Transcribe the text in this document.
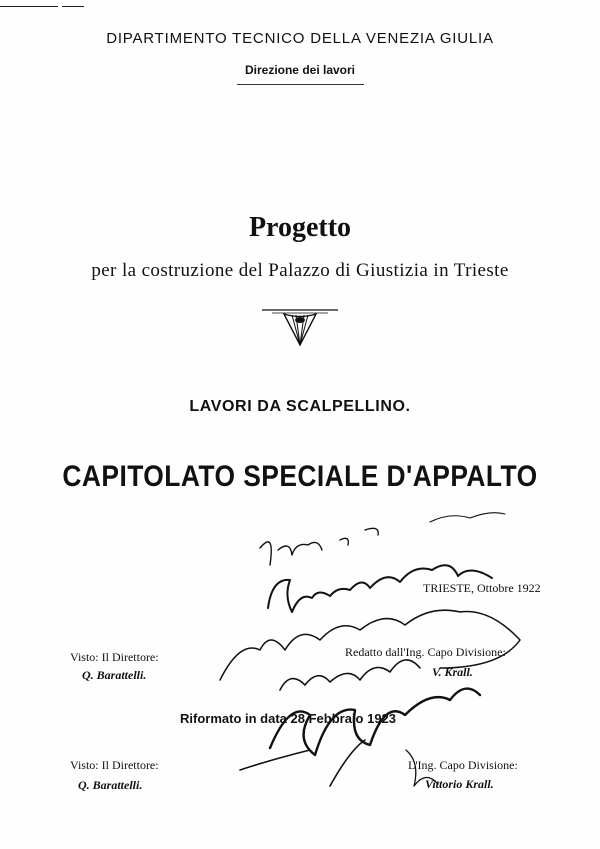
DIPARTIMENTO TECNICO DELLA VENEZIA GIULIA
Direzione dei lavori
Progetto
per la costruzione del Palazzo di Giustizia in Trieste
LAVORI DA SCALPELLINO.
CAPITOLATO SPECIALE D'APPALTO
TRIESTE, Ottobre 1922
Visto: Il Direttore:
Q. Barattelli.
Redatto dall'Ing. Capo Divisione:
V. Krall.
Riformato in data 28 Febbraio 1923
Visto: Il Direttore:
Q. Barattelli.
L'Ing. Capo Divisione:
Vittorio Krall.
